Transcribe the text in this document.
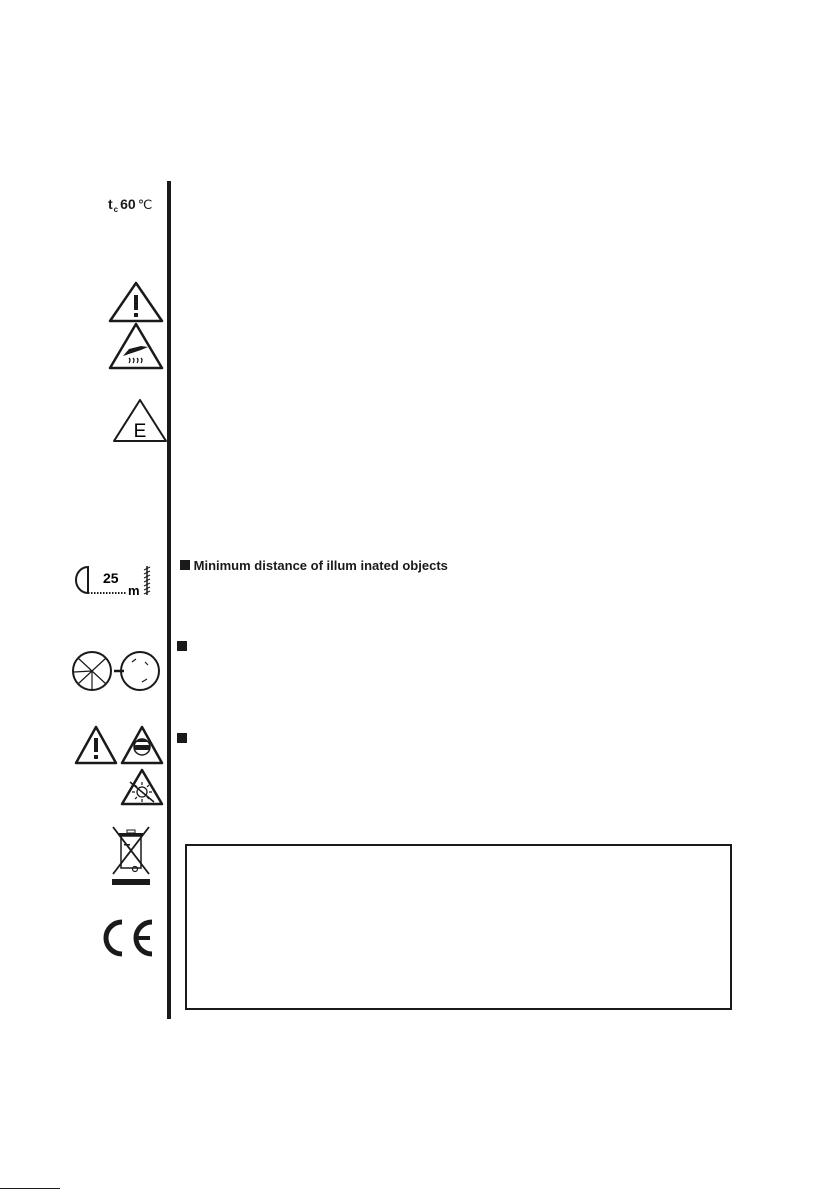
$t_c$ 60 ℃
E
25
m
Minimum distance of illum inated objects
